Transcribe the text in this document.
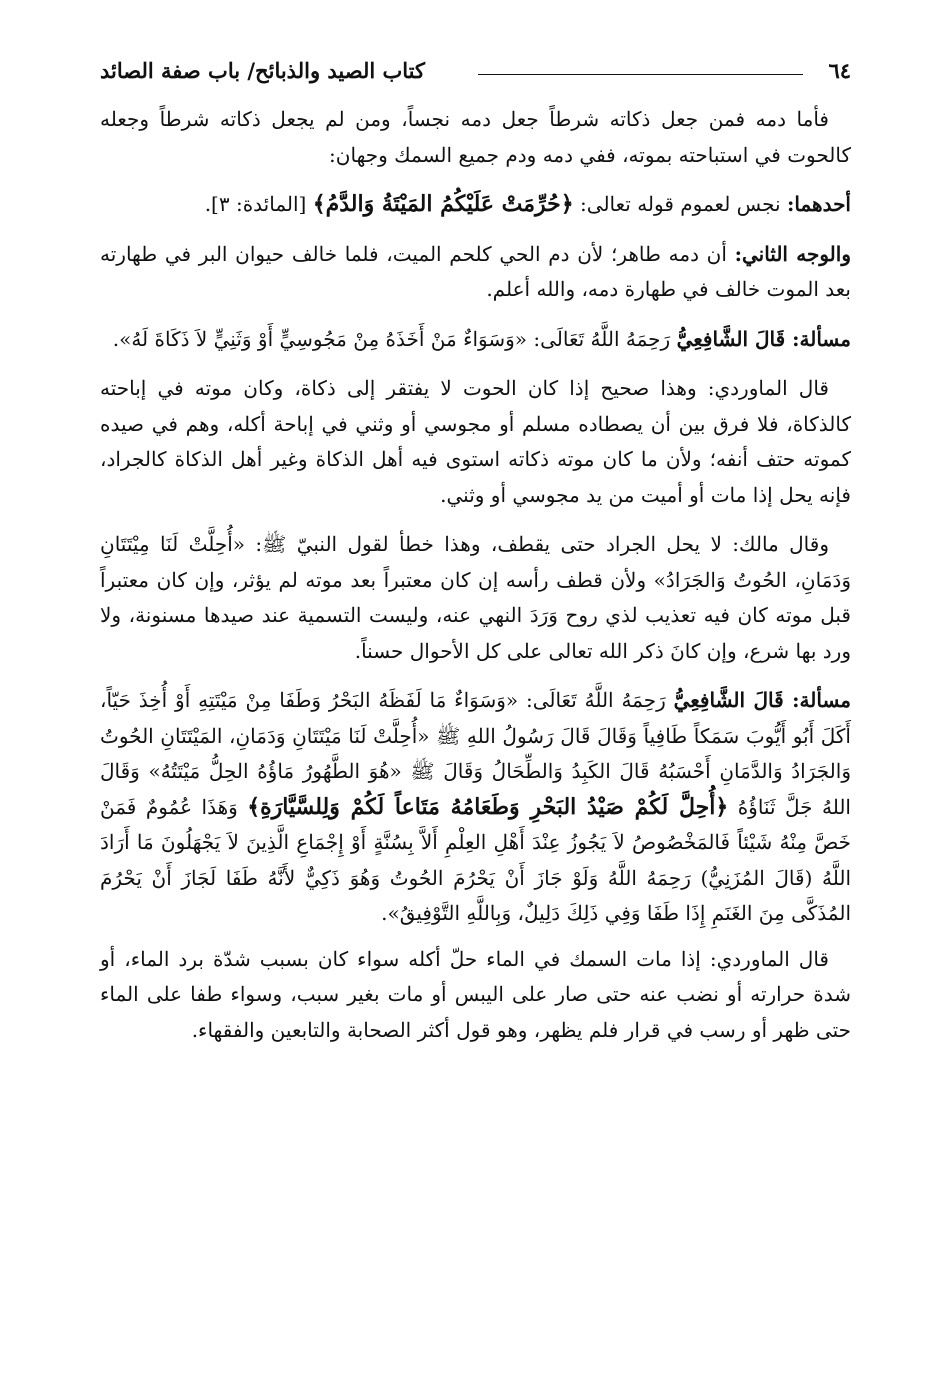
٦٤
كتاب الصيد والذبائح/ باب صفة الصائد

فأما دمه فمن جعل ذكاته شرطاً جعل دمه نجساً، ومن لم يجعل ذكاته شرطاً وجعله كالحوت في استباحته بموته، ففي دمه ودم جميع السمك وجهان:

أحدهما: نجس لعموم قوله تعالى: ﴿حُرِّمَتْ عَلَيْكُمُ المَيْتَةُ وَالدَّمُ﴾ [المائدة: ٣].

والوجه الثاني: أن دمه طاهر؛ لأن دم الحي كلحم الميت، فلما خالف حيوان البر في طهارته بعد الموت خالف في طهارة دمه، والله أعلم.

مسألة: قَالَ الشَّافِعِيُّ رَحِمَهُ اللَّهُ تَعَالَى: «وَسَوَاءٌ مَنْ أَخَذَهُ مِنْ مَجُوسِيٍّ أَوْ وَثَنِيٍّ لاَ ذَكَاةَ لَهُ».

قال الماوردي: وهذا صحيح إذا كان الحوت لا يفتقر إلى ذكاة، وكان موته في إباحته كالذكاة، فلا فرق بين أن يصطاده مسلم أو مجوسي أو وثني في إباحة أكله، وهم في صيده كموته حتف أنفه؛ ولأن ما كان موته ذكاته استوى فيه أهل الذكاة وغير أهل الذكاة كالجراد، فإنه يحل إذا مات أو أميت من يد مجوسي أو وثني.

وقال مالك: لا يحل الجراد حتى يقطف، وهذا خطأ لقول النبيّ ﷺ: «أُحِلَّتْ لَنَا مِيْتَتَانِ وَدَمَانِ، الحُوتُ وَالجَرَادُ» ولأن قطف رأسه إن كان معتبراً بعد موته لم يؤثر، وإن كان معتبراً قبل موته كان فيه تعذيب لذي روح وَرَدَ النهي عنه، وليست التسمية عند صيدها مسنونة، ولا ورد بها شرع، وإن كانَ ذكر الله تعالى على كل الأحوال حسناً.

مسألة: قَالَ الشَّافِعِيُّ رَحِمَهُ اللَّهُ تَعَالَى: «وَسَوَاءٌ مَا لَفَظَهُ البَحْرُ وَطَفَا مِنْ مَيْتَتِهِ أَوْ أُخِذَ حَيّاً، أَكَلَ أَبُو أَيُّوبَ سَمَكاً طَافِياً وَقَالَ قَالَ رَسُولُ اللهِ ﷺ «أُحِلَّتْ لَنَا مَيْتَتَانِ وَدَمَانِ، المَيْتَتَانِ الحُوتُ وَالجَرَادُ وَالدَّمَانِ أَحْسَبُهُ قَالَ الكَبِدُ وَالطِّحَالُ وَقَالَ ﷺ «هُوَ الطَّهُورُ مَاؤُهُ الحِلُّ مَيْتَتُهُ» وَقَالَ اللهُ جَلَّ ثَنَاؤُهُ ﴿أُحِلَّ لَكُمْ صَيْدُ البَحْرِ وَطَعَامُهُ مَتَاعاً لَكُمْ وَلِلسَّيَّارَةِ﴾ وَهَذَا عُمُومٌ فَمَنْ خَصَّ مِنْهُ شَيْئاً فَالمَخْصُوصُ لاَ يَجُوزُ عِنْدَ أَهْلِ العِلْمِ أَلاَّ بِسُنَّةٍ أَوْ إِجْمَاعِ الَّذِينَ لاَ يَجْهَلُونَ مَا أَرَادَ اللَّهُ (قَالَ المُزَنِيُّ) رَحِمَهُ اللَّهُ وَلَوْ جَازَ أَنْ يَحْرُمَ الحُوتُ وَهُوَ ذَكِيٌّ لأَنَّهُ طَفَا لَجَازَ أَنْ يَحْرُمَ المُذَكَّى مِنَ الغَنَمِ إِذَا طَفَا وَفِي ذَلِكَ دَلِيلٌ، وَبِاللَّهِ التَّوْفِيقُ».

قال الماوردي: إذا مات السمك في الماء حلّ أكله سواء كان بسبب شدّة برد الماء، أو شدة حرارته أو نضب عنه حتى صار على اليبس أو مات بغير سبب، وسواء طفا على الماء حتى ظهر أو رسب في قرار فلم يظهر، وهو قول أكثر الصحابة والتابعين والفقهاء.
